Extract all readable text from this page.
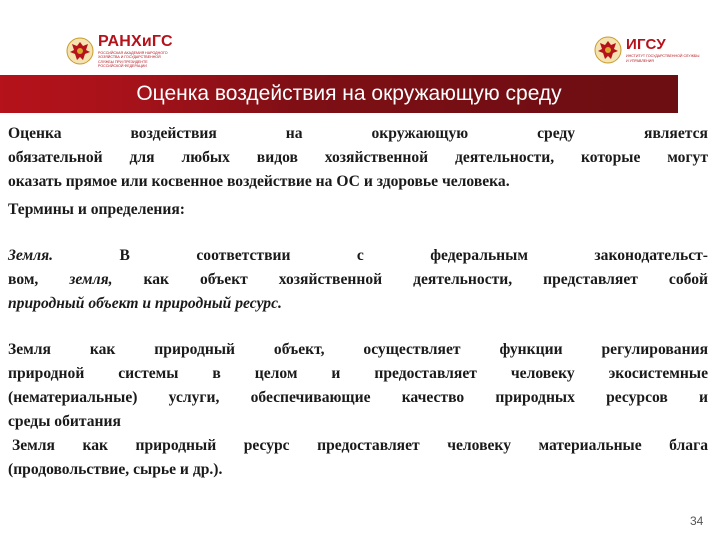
РАНХиГС
РОССИЙСКАЯ АКАДЕМИЯ НАРОДНОГО ХОЗЯЙСТВА И ГОСУДАРСТВЕННОЙ СЛУЖБЫ ПРИ ПРЕЗИДЕНТЕ РОССИЙСКОЙ ФЕДЕРАЦИИ
ИГСУ
ИНСТИТУТ ГОСУДАРСТВЕННОЙ СЛУЖБЫ И УПРАВЛЕНИЯ
Оценка воздействия на окружающую среду

Оценка воздействия на окружающую среду является

обязательной для любых видов хозяйственной деятельности, которые могут

оказать прямое или косвенное воздействие на ОС и здоровье человека.

Термины и определения:

Земля. В соответствии с федеральным законодательст-

вом, земля, как объект хозяйственной деятельности, представляет собой

природный объект и природный ресурс.

Земля как природный объект, осуществляет функции регулирования

природной системы в целом и предоставляет человеку экосистемные

(нематериальные) услуги, обеспечивающие качество природных ресурсов и

среды обитания

Земля как природный ресурс предоставляет человеку материальные блага

(продовольствие, сырье и др.).

34
